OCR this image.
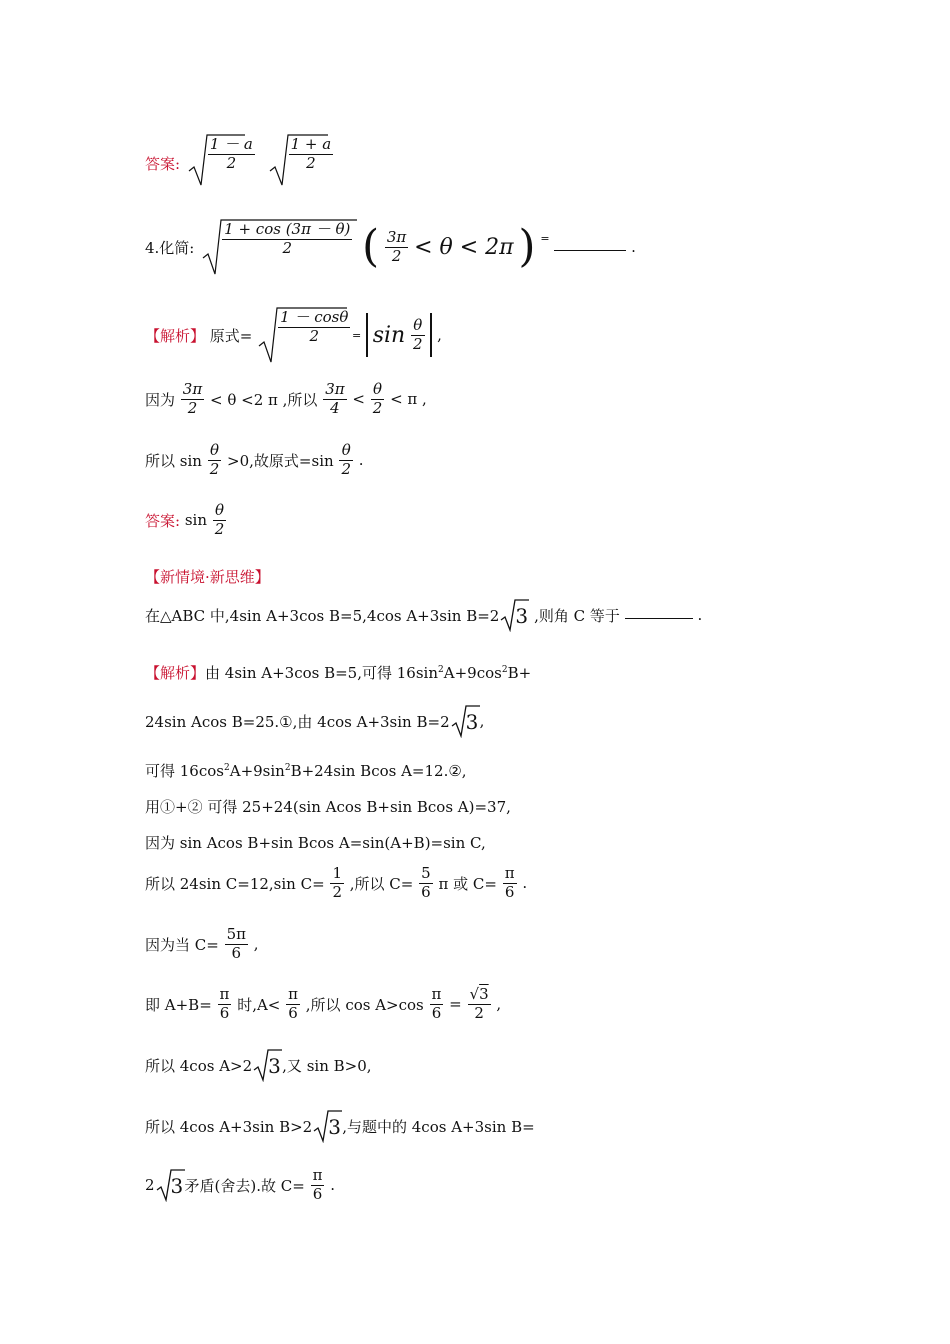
答案: $\frac{1 - a}{2}$
$\frac{1 + a}{2}$
4.化简: $\frac{1 + \cos (3\pi - \theta)}{2}$ ( $\frac{3\pi}{2} < \theta < 2\pi$ ) =	.
【解析】 原式= $\frac{1 - \cos\theta}{2} = \sin \frac{\theta}{2}$ ,
因为 $\frac{3\pi}{2} < \theta <2$ π ,所以 $\frac{3\pi}{4} < \frac{\theta}{2} < \pi$ ,
所以 $\sin \frac{\theta}{2} >0$,故原式$=\sin \frac{\theta}{2}$ .
答案: $\sin \frac{\theta}{2}$
【新情境·新思维】
在△ABC 中,4sin A+3cos B=5,4cos A+3sin B=2 3 ,则角 C 等于	.
【解析】由 4sin A+3cos B=5,可得 $16\sin^2A+9\cos^2B+$
24sin Acos B=25.①,由 4cos A+3sin B=2 3 ,
可得 $16\cos^2A+9\sin^2B+24\sin$ Bcos A=12.②,
用①+② 可得 25+24(sin Acos B+sin Bcos A)=37,
因为 sin Acos B+sin Bcos A=sin(A+B)=sin C,
所以 24sin C=12,sin $C= \frac{1}{2}$ ,所以 $C= \frac{5}{6}$ π 或 $C= \frac{\pi}{6}$ .
因为当 $C= \frac{5\pi}{6}$ ,
即 $A+B= \frac{\pi}{6}$ 时$,A< \frac{\pi}{6}$ ,所以 $\cos A>\cos \frac{\pi}{6} = \frac{√3}{2}$ ,
所以 4cos A>2 3 ,又 sin B>0,
所以 4cos A+3sin B>2 3 ,与题中的 4cos A+3sin B=
2 3 矛盾(舍去).故 $C= \frac{\pi}{6}$ .
